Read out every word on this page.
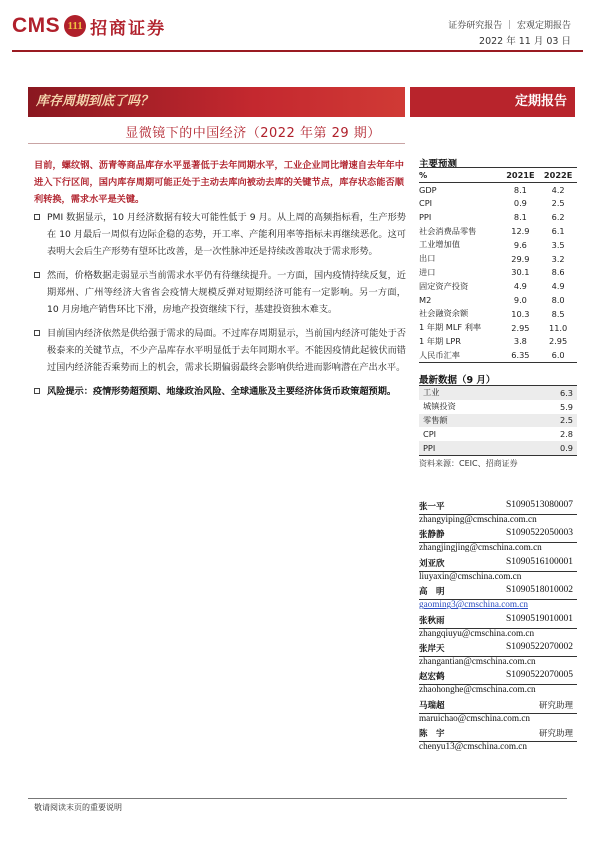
CMS 111 招商证券	证券研究报告 ｜ 宏观定期报告
2022 年 11 月 03 日
库存周期到底了吗？	定期报告
显微镜下的中国经济（2022 年第 29 期）
目前，螺纹钢、沥青等商品库存水平显著低于去年同期水平，工业企业同比增速自去年年中进入下行区间，国内库存周期可能正处于主动去库向被动去库的关键节点，库存状态能否顺利转换，需求水平是关键。
PMI 数据显示，10 月经济数据有较大可能性低于 9 月。从上周的高频指标看，生产形势在 10 月最后一周似有边际企稳的态势，开工率、产能利用率等指标未再继续恶化。这可表明大会后生产形势有望环比改善，是一次性脉冲还是持续改善取决于需求形势。
然而，价格数据走弱显示当前需求水平仍有待继续提升。一方面，国内疫情持续反复，近期郑州、广州等经济大省省会疫情大规模反弹对短期经济可能有一定影响。另一方面，10 月房地产销售环比下滑，房地产投资继续下行，基建投资独木难支。
目前国内经济依然是供给强于需求的局面。不过库存周期显示，当前国内经济可能处于否极泰来的关键节点，不少产品库存水平明显低于去年同期水平。不能因疫情此起彼伏而错过国内经济能否乘势而上的机会，需求长期偏弱最终会影响供给进而影响潜在产出水平。
风险提示：疫情形势超预期、地缘政治风险、全球通胀及主要经济体货币政策超预期。
主要预测
%	2021E	2022E
GDP	8.1	4.2
CPI	0.9	2.5
PPI	8.1	6.2
社会消费品零售	12.9	6.1
工业增加值	9.6	3.5
出口	29.9	3.2
进口	30.1	8.6
固定资产投资	4.9	4.9
M2	9.0	8.0
社会融资余额	10.3	8.5
1 年期 MLF 利率	2.95	11.0
1 年期 LPR	3.8	2.95
人民币汇率	6.35	6.0
最新数据（9 月）
工业	6.3
城镇投资	5.9
零售额	2.5
CPI	2.8
PPI	0.9
资料来源：CEIC、招商证券
张一平	S1090513080007
zhangyiping@cmschina.com.cn
张静静	S1090522050003
zhangjingjing@cmschina.com.cn
刘亚欣	S1090516100001
liuyaxin@cmschina.com.cn
高　明	S1090518010002
gaoming3@cmschina.com.cn
张秋雨	S1090519010001
zhangqiuyu@cmschina.com.cn
张岸天	S1090522070002
zhangantian@cmschina.com.cn
赵宏鹤	S1090522070005
zhaohonghe@cmschina.com.cn
马瑞超	研究助理
maruichao@cmschina.com.cn
陈　宇	研究助理
chenyu13@cmschina.com.cn
敬请阅读末页的重要说明
